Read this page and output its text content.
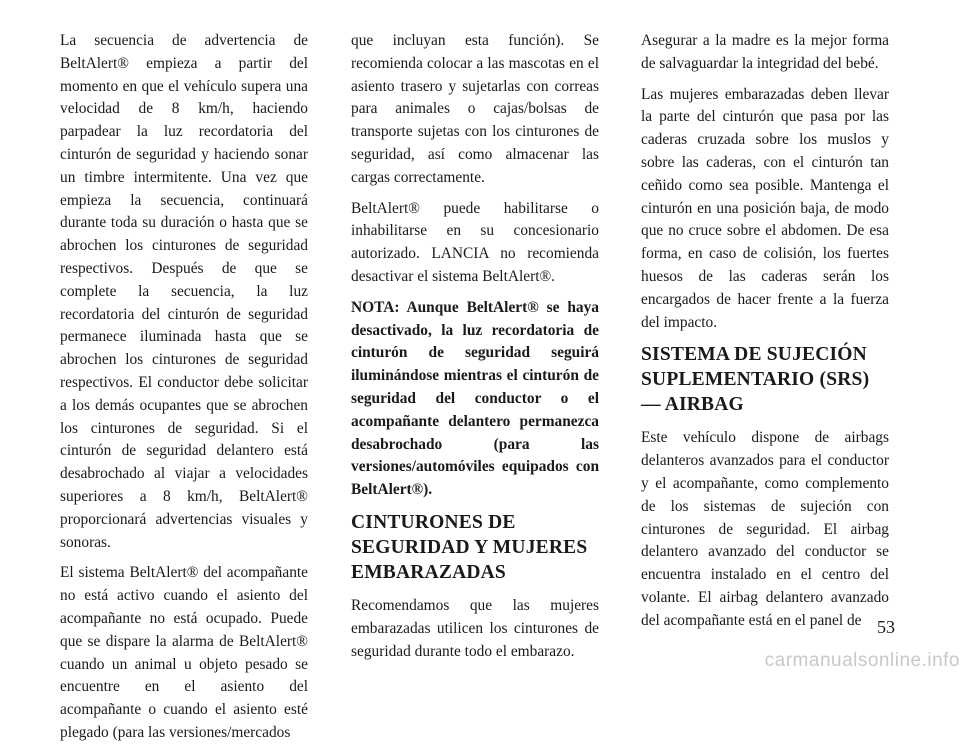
La secuencia de advertencia de BeltAlert® empieza a partir del momento en que el vehículo supera una velocidad de 8 km/h, haciendo parpadear la luz recordatoria del cinturón de seguridad y haciendo sonar un timbre intermitente. Una vez que empieza la secuencia, continuará durante toda su duración o hasta que se abrochen los cinturones de seguridad respectivos. Después de que se complete la secuencia, la luz recordatoria del cinturón de seguridad permanece iluminada hasta que se abrochen los cinturones de seguridad respectivos. El conductor debe solicitar a los demás ocupantes que se abrochen los cinturones de seguridad. Si el cinturón de seguridad delantero está desabrochado al viajar a velocidades superiores a 8 km/h, BeltAlert® proporcionará advertencias visuales y sonoras.

El sistema BeltAlert® del acompañante no está activo cuando el asiento del acompañante no está ocupado. Puede que se dispare la alarma de BeltAlert® cuando un animal u objeto pesado se encuentre en el asiento del acompañante o cuando el asiento esté plegado (para las versiones/mercados

que incluyan esta función). Se recomienda colocar a las mascotas en el asiento trasero y sujetarlas con correas para animales o cajas/bolsas de transporte sujetas con los cinturones de seguridad, así como almacenar las cargas correctamente.

BeltAlert® puede habilitarse o inhabilitarse en su concesionario autorizado. LANCIA no recomienda desactivar el sistema BeltAlert®.

NOTA: Aunque BeltAlert® se haya desactivado, la luz recordatoria de cinturón de seguridad seguirá iluminándose mientras el cinturón de seguridad del conductor o el acompañante delantero permanezca desabrochado (para las versiones/automóviles equipados con BeltAlert®).

CINTURONES DE SEGURIDAD Y MUJERES EMBARAZADAS

Recomendamos que las mujeres embarazadas utilicen los cinturones de seguridad durante todo el embarazo.

Asegurar a la madre es la mejor forma de salvaguardar la integridad del bebé.

Las mujeres embarazadas deben llevar la parte del cinturón que pasa por las caderas cruzada sobre los muslos y sobre las caderas, con el cinturón tan ceñido como sea posible. Mantenga el cinturón en una posición baja, de modo que no cruce sobre el abdomen. De esa forma, en caso de colisión, los fuertes huesos de las caderas serán los encargados de hacer frente a la fuerza del impacto.

SISTEMA DE SUJECIÓN SUPLEMENTARIO (SRS) — AIRBAG

Este vehículo dispone de airbags delanteros avanzados para el conductor y el acompañante, como complemento de los sistemas de sujeción con cinturones de seguridad. El airbag delantero avanzado del conductor se encuentra instalado en el centro del volante. El airbag delantero avanzado del acompañante está en el panel de 53
carmanualsonline.info
